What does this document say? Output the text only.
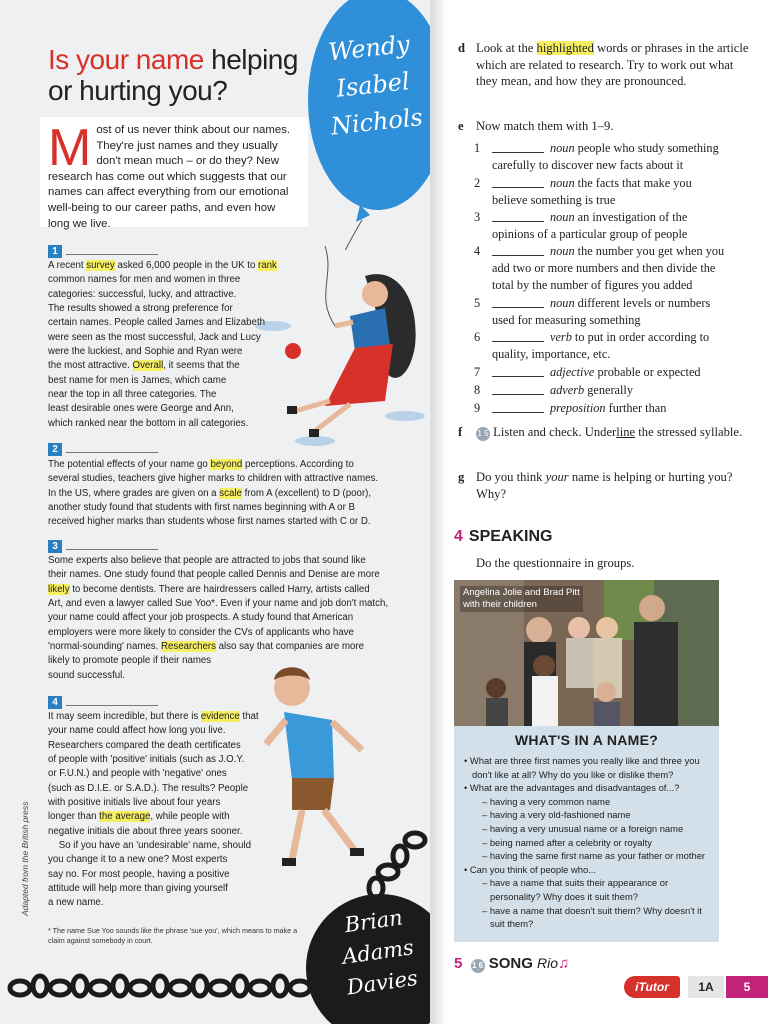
Wendy
Isabel
Nichols
Is your name helping
or hurting you?
M ost of us never think about our names. They're just names and they usually don't mean much – or do they? New research has come out which suggests that our names can affect everything from our emotional well-being to our career paths, and even how long we live.
1
A recent survey asked 6,000 people in the UK to rank
common names for men and women in three
categories: successful, lucky, and attractive.
The results showed a strong preference for
certain names. People called James and Elizabeth
were seen as the most successful, Jack and Lucy
were the luckiest, and Sophie and Ryan were
the most attractive. Overall, it seems that the
best name for men is James, which came
near the top in all three categories. The
least desirable ones were George and Ann,
which ranked near the bottom in all categories.
2
The potential effects of your name go beyond perceptions. According to
several studies, teachers give higher marks to children with attractive names.
In the US, where grades are given on a scale from A (excellent) to D (poor),
another study found that students with first names beginning with A or B
received higher marks than students whose first names started with C or D.
3
Some experts also believe that people are attracted to jobs that sound like
their names. One study found that people called Dennis and Denise are more
likely to become dentists. There are hairdressers called Harry, artists called
Art, and even a lawyer called Sue Yoo*. Even if your name and job don't match,
your name could affect your job prospects. A study found that American
employers were more likely to consider the CVs of applicants who have
'normal-sounding' names. Researchers also say that companies are more
likely to promote people if their names
sound successful.
4
It may seem incredible, but there is evidence that
your name could affect how long you live.
Researchers compared the death certificates
of people with 'positive' initials (such as J.O.Y.
or F.U.N.) and people with 'negative' ones
(such as D.I.E. or S.A.D.). The results? People
with positive initials live about four years
longer than the average, while people with
negative initials die about three years sooner.
So if you have an 'undesirable' name, should
you change it to a new one? Most experts
say no. For most people, having a positive
attitude will help more than giving yourself
a new name.
* The name Sue Yoo sounds like the phrase 'sue you', which means to make a claim against somebody in court.
Adapted from the British press
Brian
Adams
Davies
d Look at the highlighted words or phrases in the article which are related to research. Try to work out what they mean, and how they are pronounced.
e Now match them with 1–9.
1	noun people who study something
carefully to discover new facts about it
2	noun the facts that make you
believe something is true
3	noun an investigation of the
opinions of a particular group of people
4	noun the number you get when you
add two or more numbers and then divide the total by the number of figures you added
5	noun different levels or numbers
used for measuring something
6	verb to put in order according to
quality, importance, etc.
7	adjective probable or expected
8	adverb generally
9	preposition further than
f 1 5 Listen and check. Underline the stressed syllable.
g Do you think your name is helping or hurting you? Why?
4 SPEAKING
Do the questionnaire in groups.
Angelina Jolie and Brad Pitt
with their children
WHAT'S IN A NAME?
• What are three first names you really like and three you don't like at all? Why do you like or dislike them?
• What are the advantages and disadvantages of...?
– having a very common name
– having a very old-fashioned name
– having a very unusual name or a foreign name
– being named after a celebrity or royalty
– having the same first name as your father or mother
• Can you think of people who...
– have a name that suits their appearance or personality? Why does it suit them?
– have a name that doesn't suit them? Why doesn't it suit them?
5 1 6 SONG Rio♫
iTutor	1A	5
